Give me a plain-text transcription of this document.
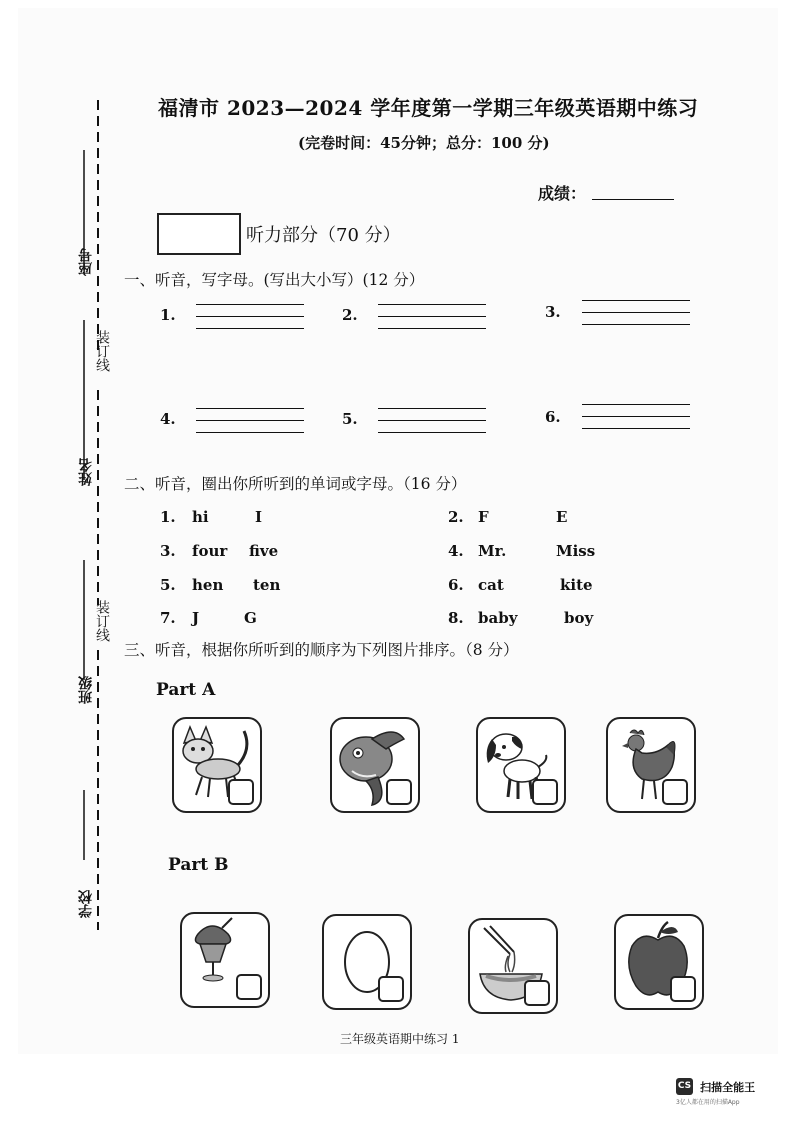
座号
装订线
姓名
装订线
班级
学校
福清市 2023—2024 学年度第一学期三年级英语期中练习
(完卷时间：45分钟；总分：100 分)
成绩：
听力部分（70 分）
一、听音，写字母。(写出大小写）(12 分）
1.	2.	3.
4.	5.	6.
二、听音，圈出你所听到的单词或字母。（16 分）
1. hi	I	2. F	E
3. four five	4. Mr.	Miss
5. hen ten	6. cat	kite
7. J	G	8. baby	boy
三、听音，根据你所听到的顺序为下列图片排序。（8 分）
Part A
Part B
三年级英语期中练习 1
CS 扫描全能王
3亿人都在用的扫描App
